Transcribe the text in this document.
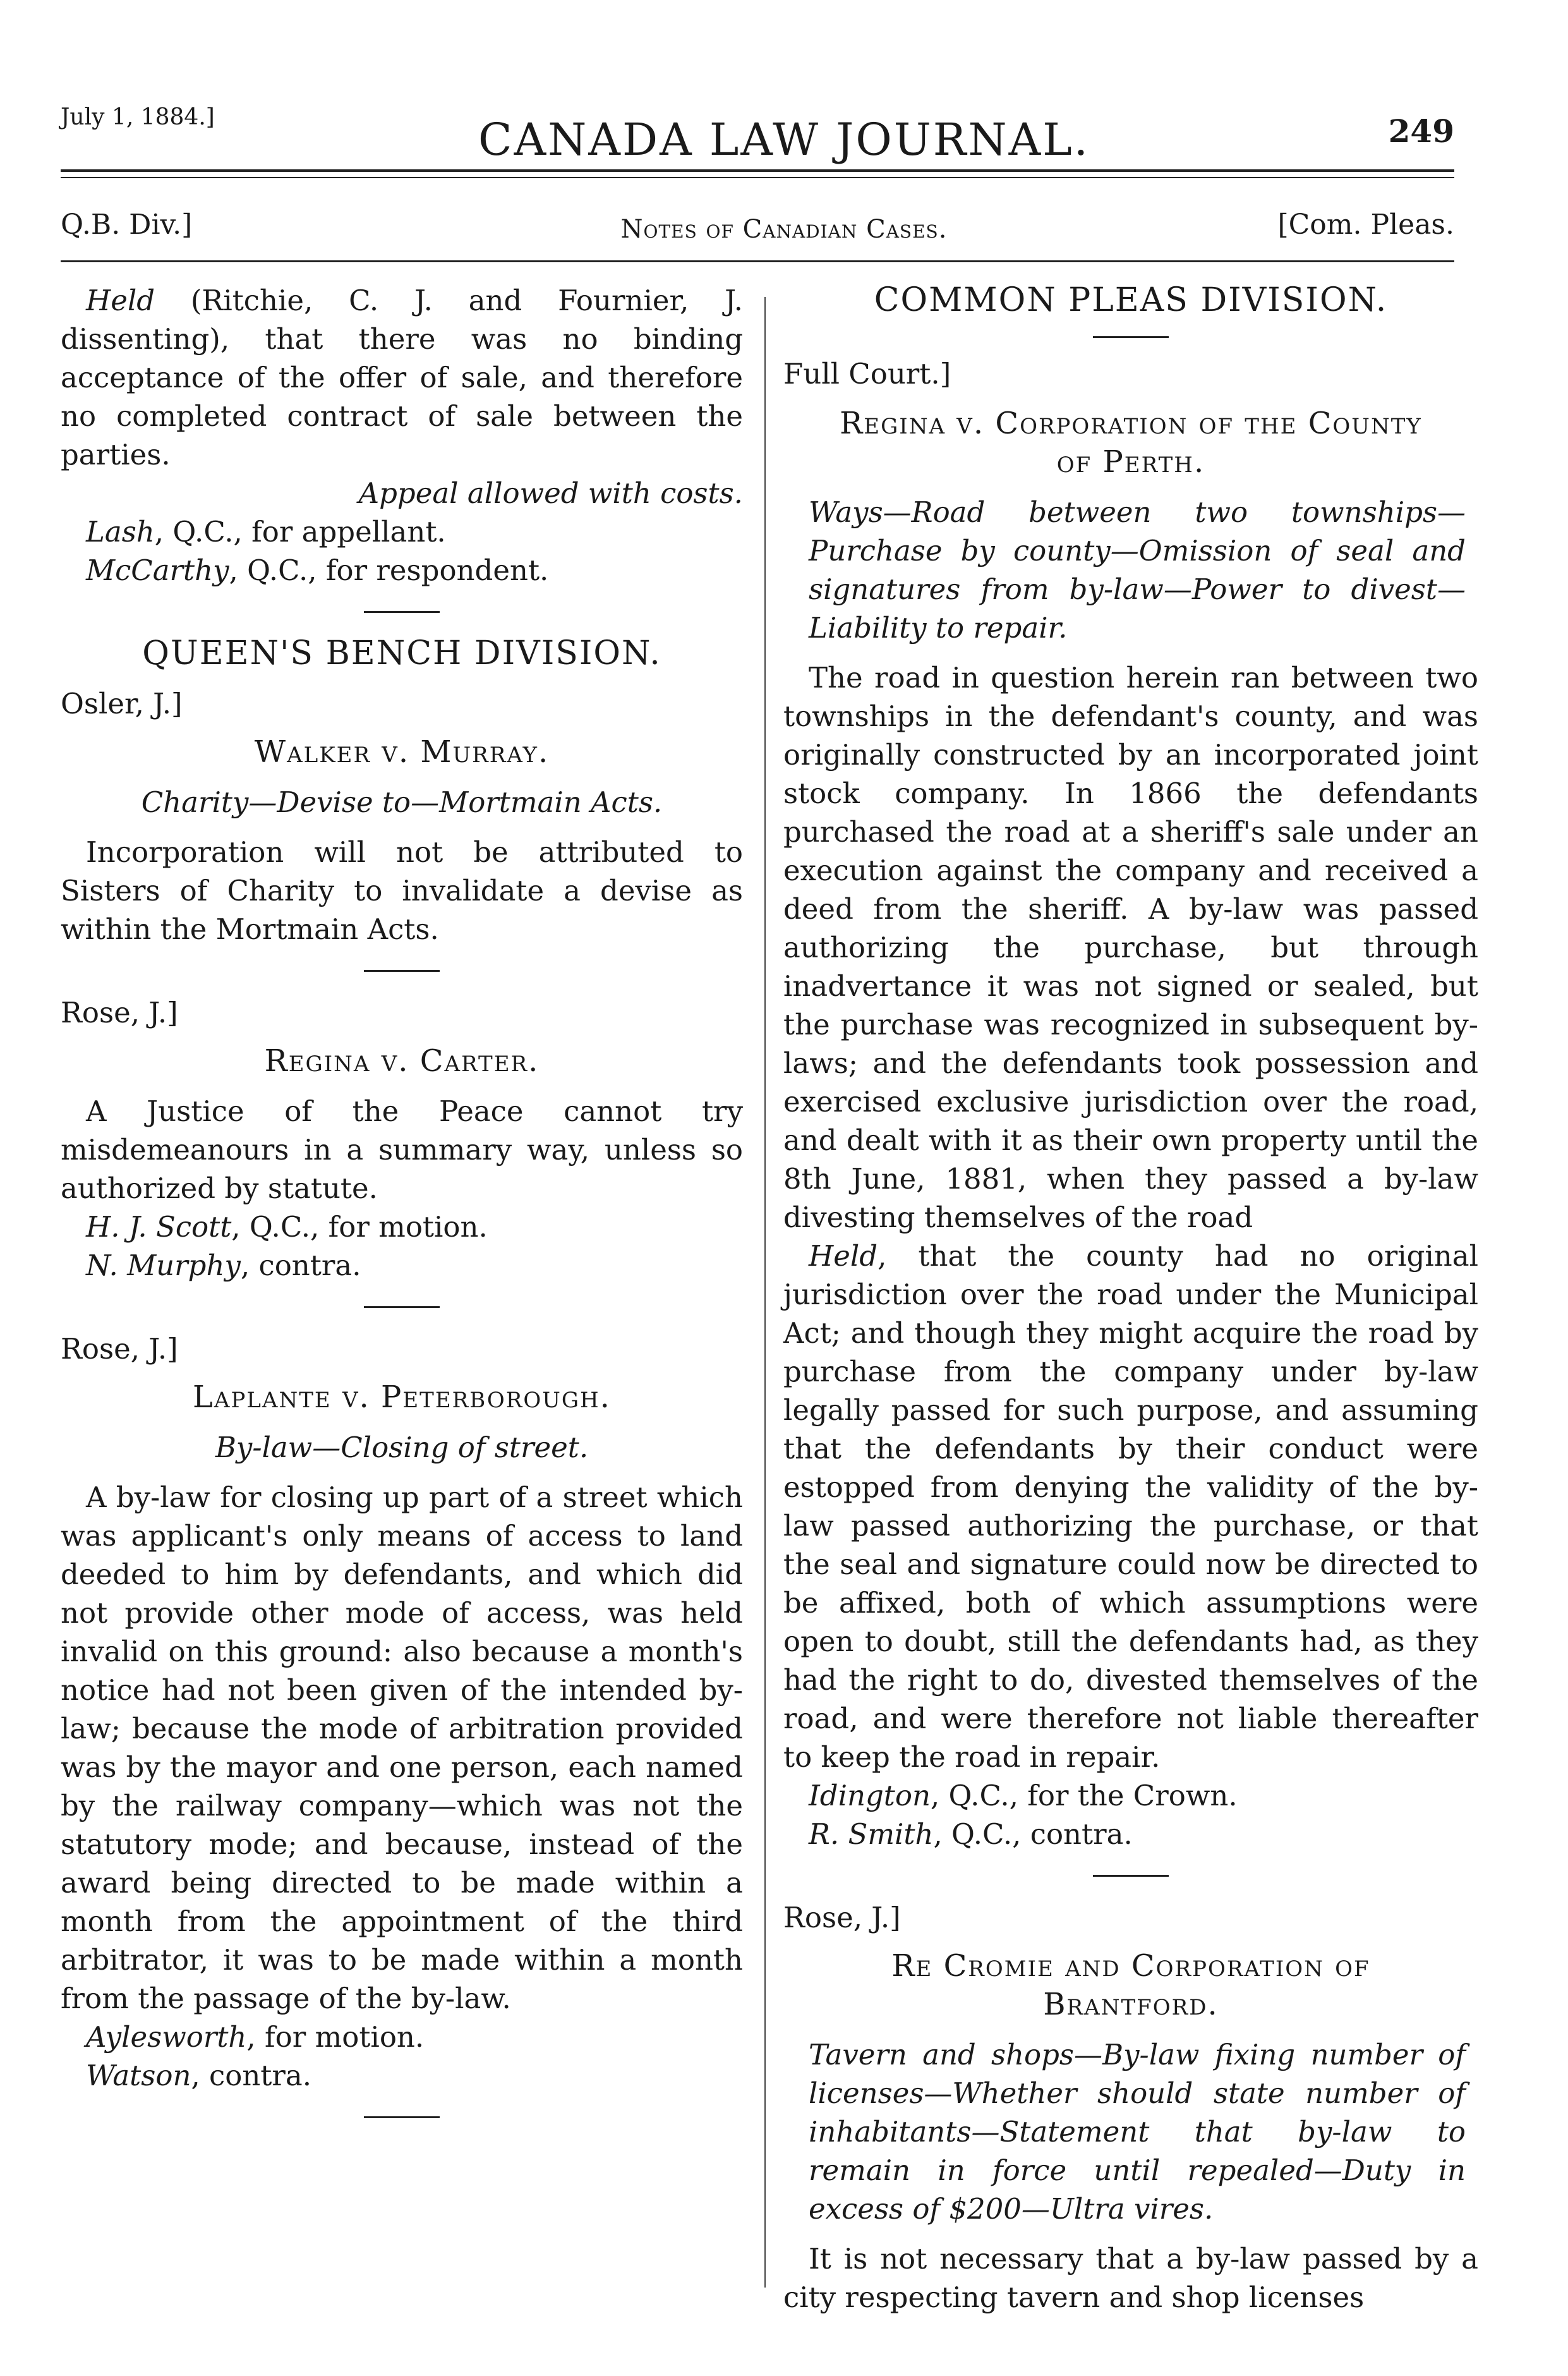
July 1, 1884.]	CANADA LAW JOURNAL.	249
Q.B. Div.]	Notes of Canadian Cases.	[Com. Pleas.

Held (Ritchie, C. J. and Fournier, J. dissenting), that there was no binding acceptance of the offer of sale, and therefore no completed contract of sale between the parties.

Appeal allowed with costs.

Lash, Q.C., for appellant.

McCarthy, Q.C., for respondent.

QUEEN'S BENCH DIVISION.

Osler, J.]

Walker v. Murray.

Charity—Devise to—Mortmain Acts.

Incorporation will not be attributed to Sisters of Charity to invalidate a devise as within the Mortmain Acts.

Rose, J.]

Regina v. Carter.

A Justice of the Peace cannot try misdemeanours in a summary way, unless so authorized by statute.

H. J. Scott, Q.C., for motion.

N. Murphy, contra.

Rose, J.]

Laplante v. Peterborough.

By-law—Closing of street.

A by-law for closing up part of a street which was applicant's only means of access to land deeded to him by defendants, and which did not provide other mode of access, was held invalid on this ground: also because a month's notice had not been given of the intended by-law; because the mode of arbitration provided was by the mayor and one person, each named by the railway company—which was not the statutory mode; and because, instead of the award being directed to be made within a month from the appointment of the third arbitrator, it was to be made within a month from the passage of the by-law.

Aylesworth, for motion.

Watson, contra.

COMMON PLEAS DIVISION.

Full Court.]

Regina v. Corporation of the County
of Perth.

Ways—Road between two townships—Purchase by county—Omission of seal and signatures from by-law—Power to divest—Liability to repair.

The road in question herein ran between two townships in the defendant's county, and was originally constructed by an incorporated joint stock company. In 1866 the defendants purchased the road at a sheriff's sale under an execution against the company and received a deed from the sheriff. A by-law was passed authorizing the purchase, but through inadvertance it was not signed or sealed, but the purchase was recognized in subsequent by-laws; and the defendants took possession and exercised exclusive jurisdiction over the road, and dealt with it as their own property until the 8th June, 1881, when they passed a by-law divesting themselves of the road

Held, that the county had no original jurisdiction over the road under the Municipal Act; and though they might acquire the road by purchase from the company under by-law legally passed for such purpose, and assuming that the defendants by their conduct were estopped from denying the validity of the by-law passed authorizing the purchase, or that the seal and signature could now be directed to be affixed, both of which assumptions were open to doubt, still the defendants had, as they had the right to do, divested themselves of the road, and were therefore not liable thereafter to keep the road in repair.

Idington, Q.C., for the Crown.

R. Smith, Q.C., contra.

Rose, J.]

Re Cromie and Corporation of
Brantford.

Tavern and shops—By-law fixing number of licenses—Whether should state number of inhabitants—Statement that by-law to remain in force until repealed—Duty in excess of $200—Ultra vires.

It is not necessary that a by-law passed by a city respecting tavern and shop licenses
